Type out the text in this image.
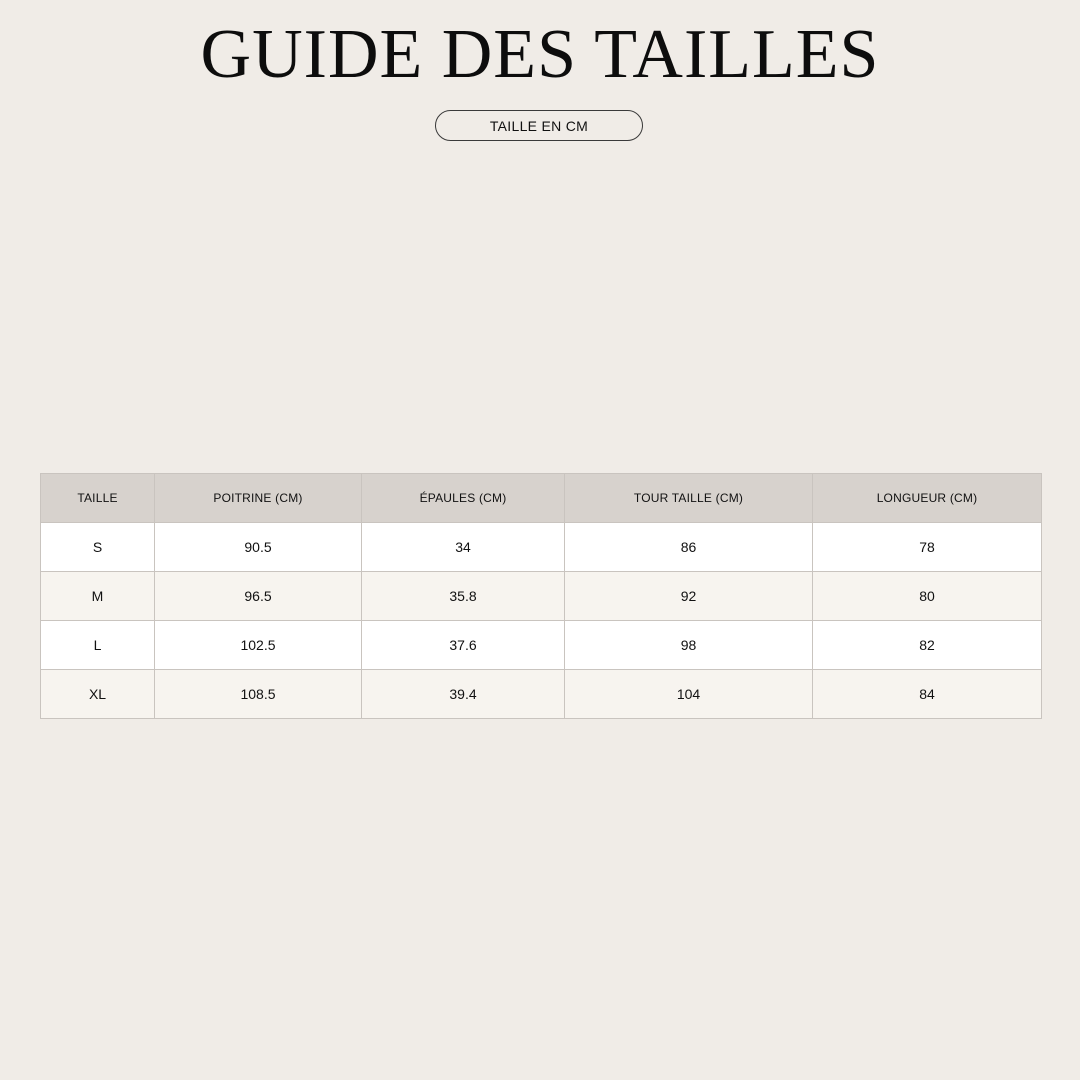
GUIDE DES TAILLES
TAILLE EN CM
TAILLE	POITRINE (CM)	ÉPAULES (CM)	TOUR TAILLE (CM)	LONGUEUR (CM)
S	90.5	34	86	78
M	96.5	35.8	92	80
L	102.5	37.6	98	82
XL	108.5	39.4	104	84
